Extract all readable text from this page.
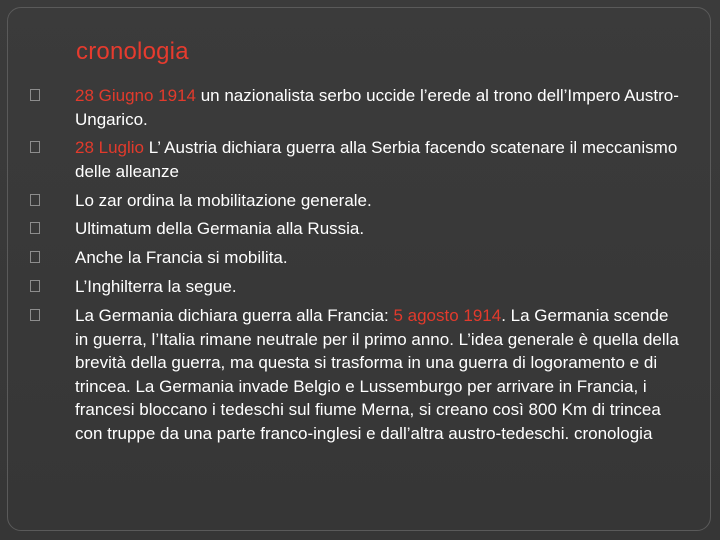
cronologia
28 Giugno 1914 un nazionalista serbo uccide l’erede al trono dell’Impero Austro-Ungarico.
28 Luglio L’ Austria dichiara guerra alla Serbia facendo scatenare il meccanismo delle alleanze
Lo zar ordina la mobilitazione generale.
Ultimatum della Germania alla Russia.
Anche la Francia si mobilita.
L’Inghilterra la segue.
La Germania dichiara guerra alla Francia: 5 agosto 1914. La Germania scende in guerra, l’Italia rimane neutrale per il primo anno. L’idea generale è quella della brevità della guerra, ma questa si trasforma in una guerra di logoramento e di trincea. La Germania invade Belgio e Lussemburgo per arrivare in Francia, i francesi bloccano i tedeschi sul fiume Merna, si creano così 800 Km di trincea con truppe da una parte franco-inglesi e dall’altra austro-tedeschi. cronologia
